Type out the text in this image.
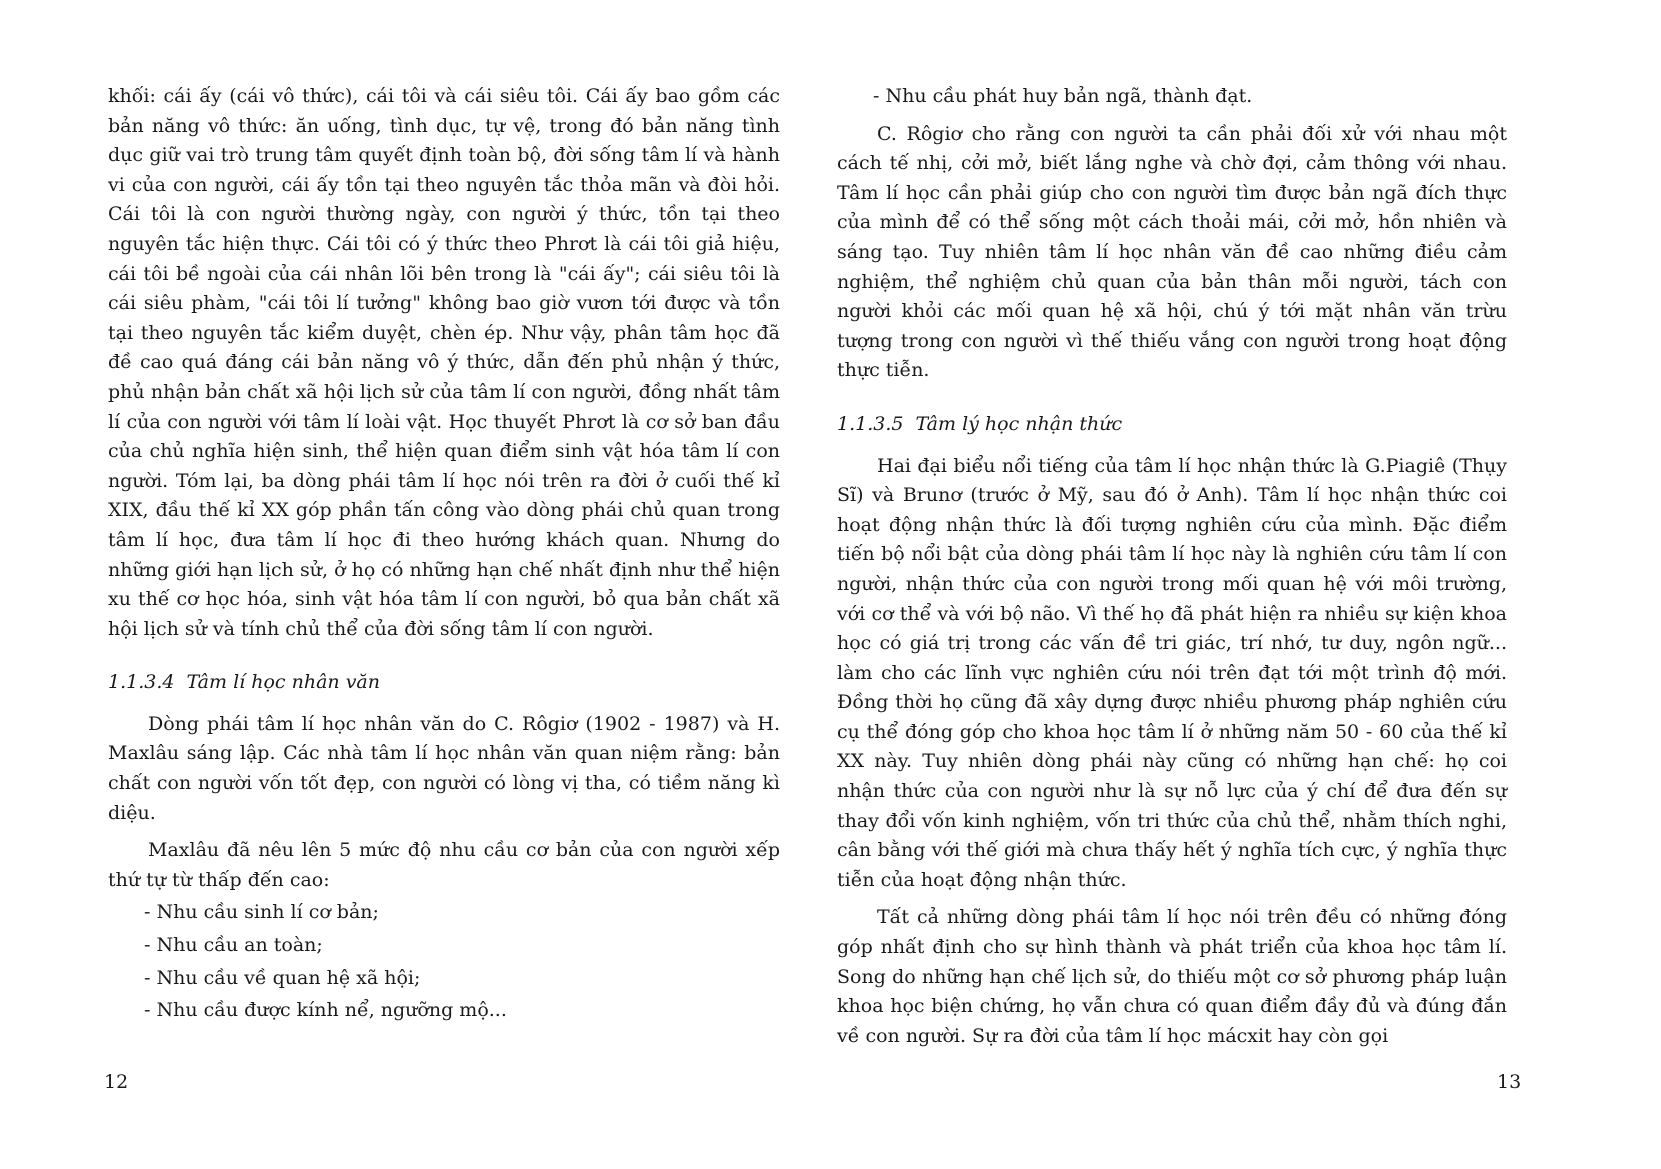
khối: cái ấy (cái vô thức), cái tôi và cái siêu tôi. Cái ấy bao gồm các bản năng vô thức: ăn uống, tình dục, tự vệ, trong đó bản năng tình dục giữ vai trò trung tâm quyết định toàn bộ, đời sống tâm lí và hành vi của con người, cái ấy tồn tại theo nguyên tắc thỏa mãn và đòi hỏi. Cái tôi là con người thường ngày, con người ý thức, tồn tại theo nguyên tắc hiện thực. Cái tôi có ý thức theo Phrơt là cái tôi giả hiệu, cái tôi bề ngoài của cái nhân lõi bên trong là "cái ấy"; cái siêu tôi là cái siêu phàm, "cái tôi lí tưởng" không bao giờ vươn tới được và tồn tại theo nguyên tắc kiểm duyệt, chèn ép. Như vậy, phân tâm học đã đề cao quá đáng cái bản năng vô ý thức, dẫn đến phủ nhận ý thức, phủ nhận bản chất xã hội lịch sử của tâm lí con người, đồng nhất tâm lí của con người với tâm lí loài vật. Học thuyết Phrơt là cơ sở ban đầu của chủ nghĩa hiện sinh, thể hiện quan điểm sinh vật hóa tâm lí con người. Tóm lại, ba dòng phái tâm lí học nói trên ra đời ở cuối thế kỉ XIX, đầu thế kỉ XX góp phần tấn công vào dòng phái chủ quan trong tâm lí học, đưa tâm lí học đi theo hướng khách quan. Nhưng do những giới hạn lịch sử, ở họ có những hạn chế nhất định như thể hiện xu thế cơ học hóa, sinh vật hóa tâm lí con người, bỏ qua bản chất xã hội lịch sử và tính chủ thể của đời sống tâm lí con người.

1.1.3.4 Tâm lí học nhân văn

Dòng phái tâm lí học nhân văn do C. Rôgiơ (1902 - 1987) và H. Maxlâu sáng lập. Các nhà tâm lí học nhân văn quan niệm rằng: bản chất con người vốn tốt đẹp, con người có lòng vị tha, có tiềm năng kì diệu.

Maxlâu đã nêu lên 5 mức độ nhu cầu cơ bản của con người xếp thứ tự từ thấp đến cao:

- Nhu cầu sinh lí cơ bản;

- Nhu cầu an toàn;

- Nhu cầu về quan hệ xã hội;

- Nhu cầu được kính nể, ngưỡng mộ...

12

- Nhu cầu phát huy bản ngã, thành đạt.

C. Rôgiơ cho rằng con người ta cần phải đối xử với nhau một cách tế nhị, cởi mở, biết lắng nghe và chờ đợi, cảm thông với nhau. Tâm lí học cần phải giúp cho con người tìm được bản ngã đích thực của mình để có thể sống một cách thoải mái, cởi mở, hồn nhiên và sáng tạo. Tuy nhiên tâm lí học nhân văn đề cao những điều cảm nghiệm, thể nghiệm chủ quan của bản thân mỗi người, tách con người khỏi các mối quan hệ xã hội, chú ý tới mặt nhân văn trừu tượng trong con người vì thế thiếu vắng con người trong hoạt động thực tiễn.

1.1.3.5 Tâm lý học nhận thức

Hai đại biểu nổi tiếng của tâm lí học nhận thức là G.Piagiê (Thụy Sĩ) và Brunơ (trước ở Mỹ, sau đó ở Anh). Tâm lí học nhận thức coi hoạt động nhận thức là đối tượng nghiên cứu của mình. Đặc điểm tiến bộ nổi bật của dòng phái tâm lí học này là nghiên cứu tâm lí con người, nhận thức của con người trong mối quan hệ với môi trường, với cơ thể và với bộ não. Vì thế họ đã phát hiện ra nhiều sự kiện khoa học có giá trị trong các vấn đề tri giác, trí nhớ, tư duy, ngôn ngữ... làm cho các lĩnh vực nghiên cứu nói trên đạt tới một trình độ mới. Đồng thời họ cũng đã xây dựng được nhiều phương pháp nghiên cứu cụ thể đóng góp cho khoa học tâm lí ở những năm 50 - 60 của thế kỉ XX này. Tuy nhiên dòng phái này cũng có những hạn chế: họ coi nhận thức của con người như là sự nỗ lực của ý chí để đưa đến sự thay đổi vốn kinh nghiệm, vốn tri thức của chủ thể, nhằm thích nghi, cân bằng với thế giới mà chưa thấy hết ý nghĩa tích cực, ý nghĩa thực tiễn của hoạt động nhận thức.

Tất cả những dòng phái tâm lí học nói trên đều có những đóng góp nhất định cho sự hình thành và phát triển của khoa học tâm lí. Song do những hạn chế lịch sử, do thiếu một cơ sở phương pháp luận khoa học biện chứng, họ vẫn chưa có quan điểm đầy đủ và đúng đắn về con người. Sự ra đời của tâm lí học mácxit hay còn gọi

13
